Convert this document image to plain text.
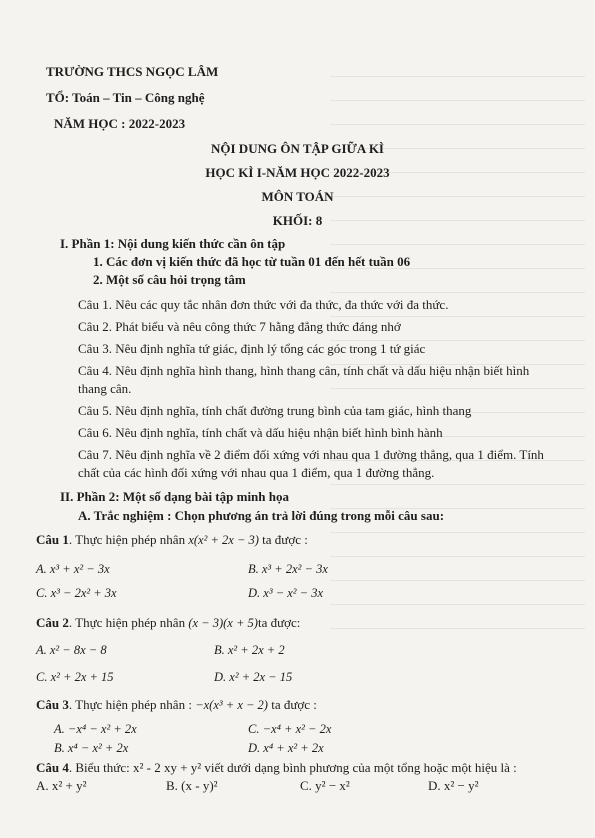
TRƯỜNG THCS NGỌC LÂM
TỔ: Toán – Tin – Công nghệ
NĂM HỌC : 2022-2023
NỘI DUNG ÔN TẬP GIỮA KÌ
HỌC KÌ I-NĂM HỌC 2022-2023
MÔN TOÁN
KHỐI: 8
I. Phần 1: Nội dung kiến thức cần ôn tập
1. Các đơn vị kiến thức đã học từ tuần 01 đến hết tuần 06
2. Một số câu hỏi trọng tâm
Câu 1. Nêu các quy tắc nhân đơn thức với đa thức, đa thức với đa thức.
Câu 2. Phát biểu và nêu công thức 7 hằng đẳng thức đáng nhớ
Câu 3. Nêu định nghĩa tứ giác, định lý tổng các góc trong 1 tứ giác
Câu 4. Nêu định nghĩa hình thang, hình thang cân, tính chất và dấu hiệu nhận biết hình
thang cân.
Câu 5. Nêu định nghĩa, tính chất đường trung bình của tam giác, hình thang
Câu 6. Nêu định nghĩa, tính chất và dấu hiệu nhận biết hình bình hành
Câu 7. Nêu định nghĩa về 2 điểm đối xứng với nhau qua 1 đường thẳng, qua 1 điểm. Tính
chất của các hình đối xứng với nhau qua 1 điểm, qua 1 đường thẳng.
II. Phần 2: Một số dạng bài tập minh họa
A. Trắc nghiệm : Chọn phương án trả lời đúng trong mỗi câu sau:
Câu 1. Thực hiện phép nhân x(x² + 2x − 3) ta được :
A. x³ + x² − 3x	B. x³ + 2x² − 3x
C. x³ − 2x² + 3x	D. x³ − x² − 3x
Câu 2. Thực hiện phép nhân (x − 3)(x + 5)ta được:
A. x² − 8x − 8	B. x² + 2x + 2
C. x² + 2x + 15	D. x² + 2x − 15
Câu 3. Thực hiện phép nhân : −x(x³ + x − 2) ta được :
A. −x⁴ − x² + 2x	C. −x⁴ + x² − 2x
B. x⁴ − x² + 2x	D. x⁴ + x² + 2x
Câu 4. Biểu thức: x² - 2 xy + y² viết dưới dạng bình phương của một tổng hoặc một hiệu là :
A. x² + y²	B. (x - y)²	C. y² − x²	D. x² − y²
